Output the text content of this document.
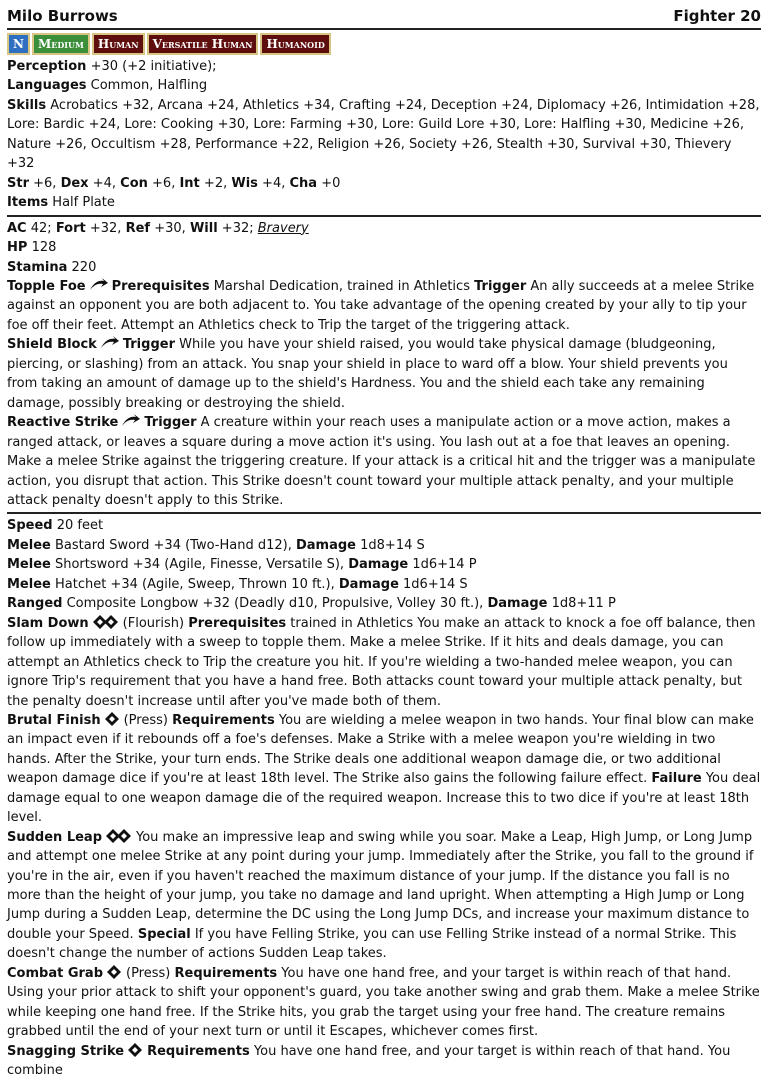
Milo Burrows	Fighter 20
N	Medium	Human	Versatile Human	Humanoid
Perception +30 (+2 initiative);
Languages Common, Halfling
Skills Acrobatics +32, Arcana +24, Athletics +34, Crafting +24, Deception +24, Diplomacy +26, Intimidation +28, Lore: Bardic +24, Lore: Cooking +30, Lore: Farming +30, Lore: Guild Lore +30, Lore: Halfling +30, Medicine +26, Nature +26, Occultism +28, Performance +22, Religion +26, Society +26, Stealth +30, Survival +30, Thievery +32
Str +6, Dex +4, Con +6, Int +2, Wis +4, Cha +0
Items Half Plate
AC 42; Fort +32, Ref +30, Will +32; Bravery
HP 128
Stamina 220
Topple Foe Prerequisites Marshal Dedication, trained in Athletics Trigger An ally succeeds at a melee Strike against an opponent you are both adjacent to. You take advantage of the opening created by your ally to tip your foe off their feet. Attempt an Athletics check to Trip the target of the triggering attack.
Shield Block Trigger While you have your shield raised, you would take physical damage (bludgeoning, piercing, or slashing) from an attack. You snap your shield in place to ward off a blow. Your shield prevents you from taking an amount of damage up to the shield's Hardness. You and the shield each take any remaining damage, possibly breaking or destroying the shield.
Reactive Strike Trigger A creature within your reach uses a manipulate action or a move action, makes a ranged attack, or leaves a square during a move action it's using. You lash out at a foe that leaves an opening. Make a melee Strike against the triggering creature. If your attack is a critical hit and the trigger was a manipulate action, you disrupt that action. This Strike doesn't count toward your multiple attack penalty, and your multiple attack penalty doesn't apply to this Strike.
Speed 20 feet
Melee Bastard Sword +34 (Two-Hand d12), Damage 1d8+14 S
Melee Shortsword +34 (Agile, Finesse, Versatile S), Damage 1d6+14 P
Melee Hatchet +34 (Agile, Sweep, Thrown 10 ft.), Damage 1d6+14 S
Ranged Composite Longbow +32 (Deadly d10, Propulsive, Volley 30 ft.), Damage 1d8+11 P
Slam Down	(Flourish) Prerequisites trained in Athletics You make an attack to knock a foe off balance, then follow up immediately with a sweep to topple them. Make a melee Strike. If it hits and deals damage, you can attempt an Athletics check to Trip the creature you hit. If you're wielding a two-handed melee weapon, you can ignore Trip's requirement that you have a hand free. Both attacks count toward your multiple attack penalty, but the penalty doesn't increase until after you've made both of them.
Brutal Finish (Press) Requirements You are wielding a melee weapon in two hands. Your final blow can make an impact even if it rebounds off a foe's defenses. Make a Strike with a melee weapon you're wielding in two hands. After the Strike, your turn ends. The Strike deals one additional weapon damage die, or two additional weapon damage dice if you're at least 18th level. The Strike also gains the following failure effect. Failure You deal damage equal to one weapon damage die of the required weapon. Increase this to two dice if you're at least 18th level.
Sudden Leap	You make an impressive leap and swing while you soar. Make a Leap, High Jump, or Long Jump and attempt one melee Strike at any point during your jump. Immediately after the Strike, you fall to the ground if you're in the air, even if you haven't reached the maximum distance of your jump. If the distance you fall is no more than the height of your jump, you take no damage and land upright. When attempting a High Jump or Long Jump during a Sudden Leap, determine the DC using the Long Jump DCs, and increase your maximum distance to double your Speed. Special If you have Felling Strike, you can use Felling Strike instead of a normal Strike. This doesn't change the number of actions Sudden Leap takes.
Combat Grab (Press) Requirements You have one hand free, and your target is within reach of that hand. Using your prior attack to shift your opponent's guard, you take another swing and grab them. Make a melee Strike while keeping one hand free. If the Strike hits, you grab the target using your free hand. The creature remains grabbed until the end of your next turn or until it Escapes, whichever comes first.
Snagging Strike Requirements You have one hand free, and your target is within reach of that hand. You combine
